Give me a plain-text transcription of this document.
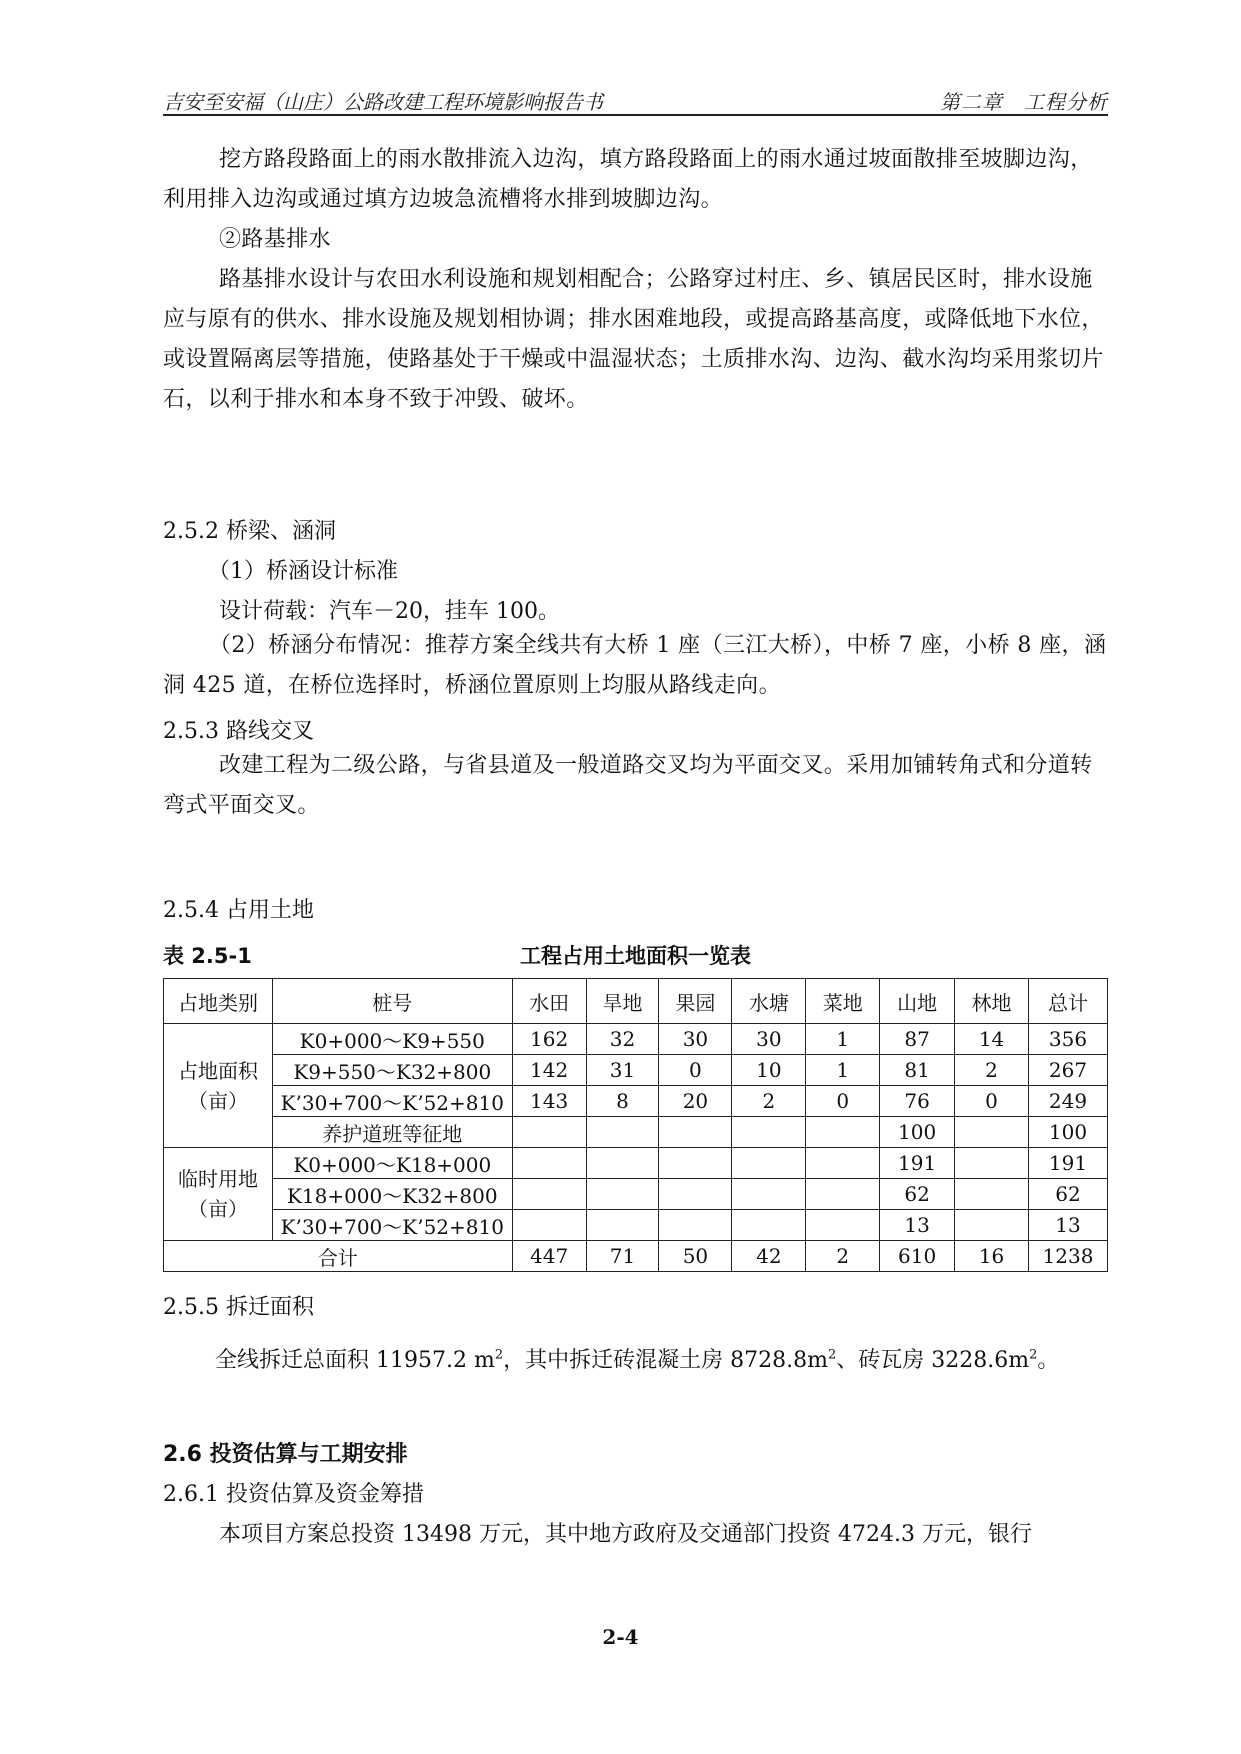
吉安至安福（山庄）公路改建工程环境影响报告书	第二章　工程分析

挖方路段路面上的雨水散排流入边沟，填方路段路面上的雨水通过坡面散排至坡脚边沟，利用排入边沟或通过填方边坡急流槽将水排到坡脚边沟。

②路基排水

路基排水设计与农田水利设施和规划相配合；公路穿过村庄、乡、镇居民区时，排水设施应与原有的供水、排水设施及规划相协调；排水困难地段，或提高路基高度，或降低地下水位，或设置隔离层等措施，使路基处于干燥或中温湿状态；土质排水沟、边沟、截水沟均采用浆切片石，以利于排水和本身不致于冲毁、破坏。

2.5.2 桥梁、涵洞
（1）桥涵设计标准
设计荷载：汽车－20，挂车 100。

（2）桥涵分布情况：推荐方案全线共有大桥 1 座（三江大桥），中桥 7 座，小桥 8 座，涵洞 425 道，在桥位选择时，桥涵位置原则上均服从路线走向。

2.5.3 路线交叉

改建工程为二级公路，与省县道及一般道路交叉均为平面交叉。采用加铺转角式和分道转弯式平面交叉。

2.5.4 占用土地
表 2.5-1	工程占用土地面积一览表
占地类别	桩号	水田	旱地	果园	水塘	菜地	山地	林地	总计

占地面积
（亩）	K0+000～K9+550	162	32	30	30	1	87	14	356
	K9+550～K32+800	142	31	0	10	1	81	2	267
	K’30+700～K’52+810	143	8	20	2	0	76	0	249
	养护道班等征地						100		100

临时用地
（亩）	K0+000～K18+000						191		191
	K18+000～K32+800						62		62
	K’30+700～K’52+810						13		13
合计		447	71	50	42	2	610	16	1238
2.5.5 拆迁面积
全线拆迁总面积 11957.2 $m^2$，其中拆迁砖混凝土房 $8728.8m^2$、砖瓦房 $3228.6m^2$。
2.6 投资估算与工期安排
2.6.1 投资估算及资金筹措
本项目方案总投资 13498 万元，其中地方政府及交通部门投资 4724.3 万元，银行
2-4
